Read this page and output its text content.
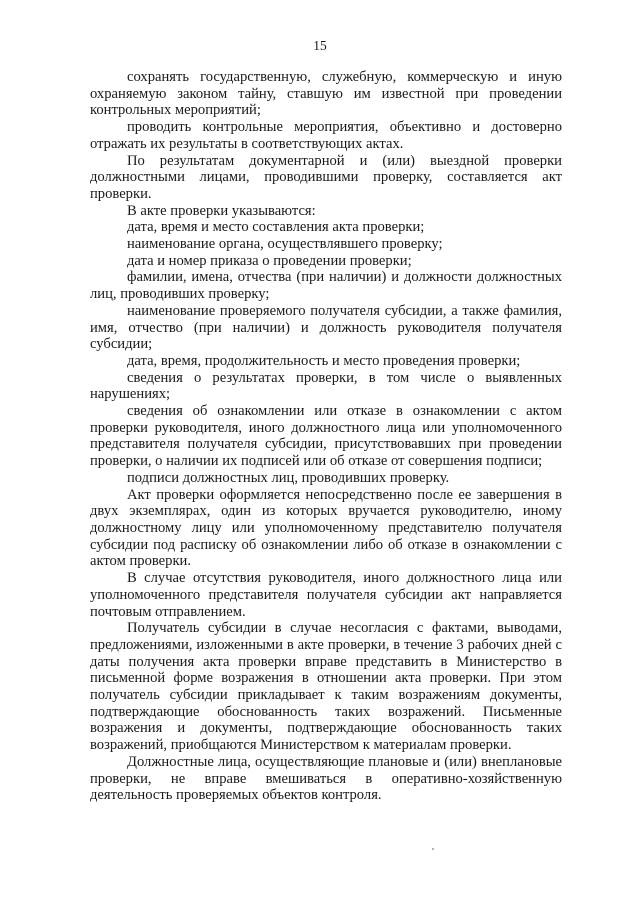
15

сохранять государственную, служебную, коммерческую и иную охраняемую законом тайну, ставшую им известной при проведении контрольных мероприятий;

проводить контрольные мероприятия, объективно и достоверно отражать их результаты в соответствующих актах.

По результатам документарной и (или) выездной проверки должностными лицами, проводившими проверку, составляется акт проверки.

В акте проверки указываются:

дата, время и место составления акта проверки;

наименование органа, осуществлявшего проверку;

дата и номер приказа о проведении проверки;

фамилии, имена, отчества (при наличии) и должности должностных лиц, проводивших проверку;

наименование проверяемого получателя субсидии, а также фамилия, имя, отчество (при наличии) и должность руководителя получателя субсидии;

дата, время, продолжительность и место проведения проверки;

сведения о результатах проверки, в том числе о выявленных нарушениях;

сведения об ознакомлении или отказе в ознакомлении с актом проверки руководителя, иного должностного лица или уполномоченного представителя получателя субсидии, присутствовавших при проведении проверки, о наличии их подписей или об отказе от совершения подписи;

подписи должностных лиц, проводивших проверку.

Акт проверки оформляется непосредственно после ее завершения в двух экземплярах, один из которых вручается руководителю, иному должностному лицу или уполномоченному представителю получателя субсидии под расписку об ознакомлении либо об отказе в ознакомлении с актом проверки.

В случае отсутствия руководителя, иного должностного лица или уполномоченного представителя получателя субсидии акт направляется почтовым отправлением.

Получатель субсидии в случае несогласия с фактами, выводами, предложениями, изложенными в акте проверки, в течение 3 рабочих дней с даты получения акта проверки вправе представить в Министерство в письменной форме возражения в отношении акта проверки. При этом получатель субсидии прикладывает к таким возражениям документы, подтверждающие обоснованность таких возражений. Письменные возражения и документы, подтверждающие обоснованность таких возражений, приобщаются Министерством к материалам проверки.

Должностные лица, осуществляющие плановые и (или) внеплановые проверки, не вправе вмешиваться в оперативно-хозяйственную деятельность проверяемых объектов контроля.
